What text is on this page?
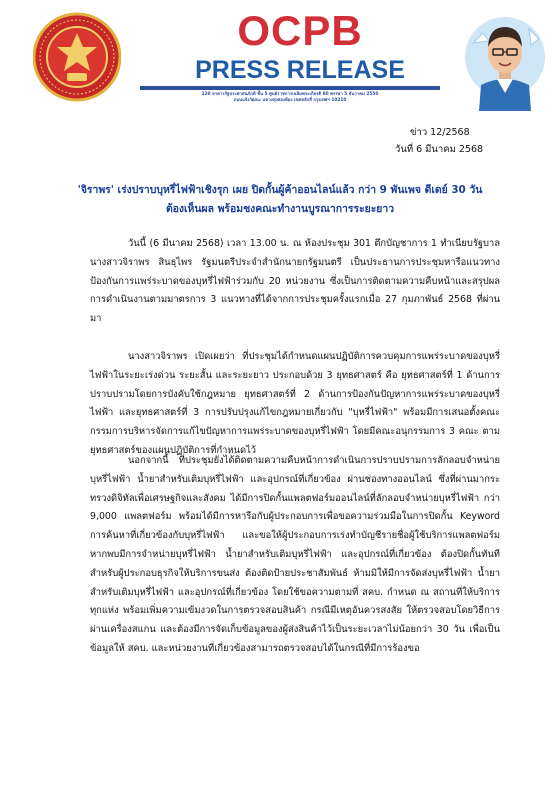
OCPB
PRESS RELEASE
120 อาคารรัฐประศาสนภักดี ชั้น 5 ศูนย์ราชการเฉลิมพระเกียรติ 80 พรรษา 5 ธันวาคม 2550
ถนนแจ้งวัฒนะ แขวงทุ่งสองห้อง เขตหลักสี่ กรุงเทพฯ 10210
ข่าว 12/2568
วันที่ 6 มีนาคม 2568
'จิราพร' เร่งปราบบุหรี่ไฟฟ้าเชิงรุก เผย ปิดกั้นผู้ค้าออนไลน์แล้ว กว่า 9 พันเพจ ดีเดย์ 30 วัน
ต้องเห็นผล พร้อมชงคณะทำงานบูรณาการระยะยาว
วันนี้ (6 มีนาคม 2568) เวลา 13.00 น. ณ ห้องประชุม 301 ตึกบัญชาการ 1 ทำเนียบรัฐบาล นางสาวจิราพร สินธุไพร รัฐมนตรีประจำสำนักนายกรัฐมนตรี เป็นประธานการประชุมหารือแนวทางป้องกันการแพร่ระบาดของบุหรี่ไฟฟ้าร่วมกับ 20 หน่วยงาน ซึ่งเป็นการติดตามความคืบหน้าและสรุปผลการดำเนินงานตามมาตรการ 3 แนวทางที่ได้จากการประชุมครั้งแรกเมื่อ 27 กุมภาพันธ์ 2568 ที่ผ่านมา
นางสาวจิราพร เปิดเผยว่า ที่ประชุมได้กำหนดแผนปฏิบัติการควบคุมการแพร่ระบาดของบุหรี่ไฟฟ้าในระยะเร่งด่วน ระยะสั้น และระยะยาว ประกอบด้วย 3 ยุทธศาสตร์ คือ ยุทธศาสตร์ที่ 1 ด้านการปราบปรามโดยการบังคับใช้กฎหมาย ยุทธศาสตร์ที่ 2 ด้านการป้องกันปัญหาการแพร่ระบาดของบุหรี่ไฟฟ้า และยุทธศาสตร์ที่ 3 การปรับปรุงแก้ไขกฎหมายเกี่ยวกับ "บุหรี่ไฟฟ้า" พร้อมมีการเสนอตั้งคณะกรรมการบริหารจัดการแก้ไขปัญหาการแพร่ระบาดของบุหรี่ไฟฟ้า โดยมีคณะอนุกรรมการ 3 คณะ ตามยุทธศาสตร์ของแผนปฏิบัติการที่กำหนดไว้
นอกจากนี้ ที่ประชุมยังได้ติดตามความคืบหน้าการดำเนินการปราบปรามการลักลอบจำหน่ายบุหรี่ไฟฟ้า น้ำยาสำหรับเติมบุหรี่ไฟฟ้า และอุปกรณ์ที่เกี่ยวข้อง ผ่านช่องทางออนไลน์ ซึ่งที่ผ่านมากระทรวงดิจิทัลเพื่อเศรษฐกิจและสังคม ได้มีการปิดกั้นแพลตฟอร์มออนไลน์ที่ลักลอบจำหน่ายบุหรี่ไฟฟ้า กว่า 9,000 แพลตฟอร์ม พร้อมได้มีการหารือกับผู้ประกอบการเพื่อขอความร่วมมือในการปิดกั้น Keyword การค้นหาที่เกี่ยวข้องกับบุหรี่ไฟฟ้า และขอให้ผู้ประกอบการเร่งทำบัญชีรายชื่อผู้ใช้บริการแพลตฟอร์ม หากพบมีการจำหน่ายบุหรี่ไฟฟ้า น้ำยาสำหรับเติมบุหรี่ไฟฟ้า และอุปกรณ์ที่เกี่ยวข้อง ต้องปิดกั้นทันที สำหรับผู้ประกอบธุรกิจให้บริการขนส่ง ต้องติดป้ายประชาสัมพันธ์ ห้ามมิให้มีการจัดส่งบุหรี่ไฟฟ้า น้ำยาสำหรับเติมบุหรี่ไฟฟ้า และอุปกรณ์ที่เกี่ยวข้อง โดยใช้ขอความตามที่ สคบ. กำหนด ณ สถานที่ให้บริการทุกแห่ง พร้อมเพิ่มความเข้มงวดในการตรวจสอบสินค้า กรณีมีเหตุอันควรสงสัย ให้ตรวจสอบโดยวิธีการผ่านเครื่องสแกน และต้องมีการจัดเก็บข้อมูลของผู้ส่งสินค้าไว้เป็นระยะเวลาไม่น้อยกว่า 30 วัน เพื่อเป็นข้อมูลให้ สคบ. และหน่วยงานที่เกี่ยวข้องสามารถตรวจสอบได้ในกรณีที่มีการร้องขอ
